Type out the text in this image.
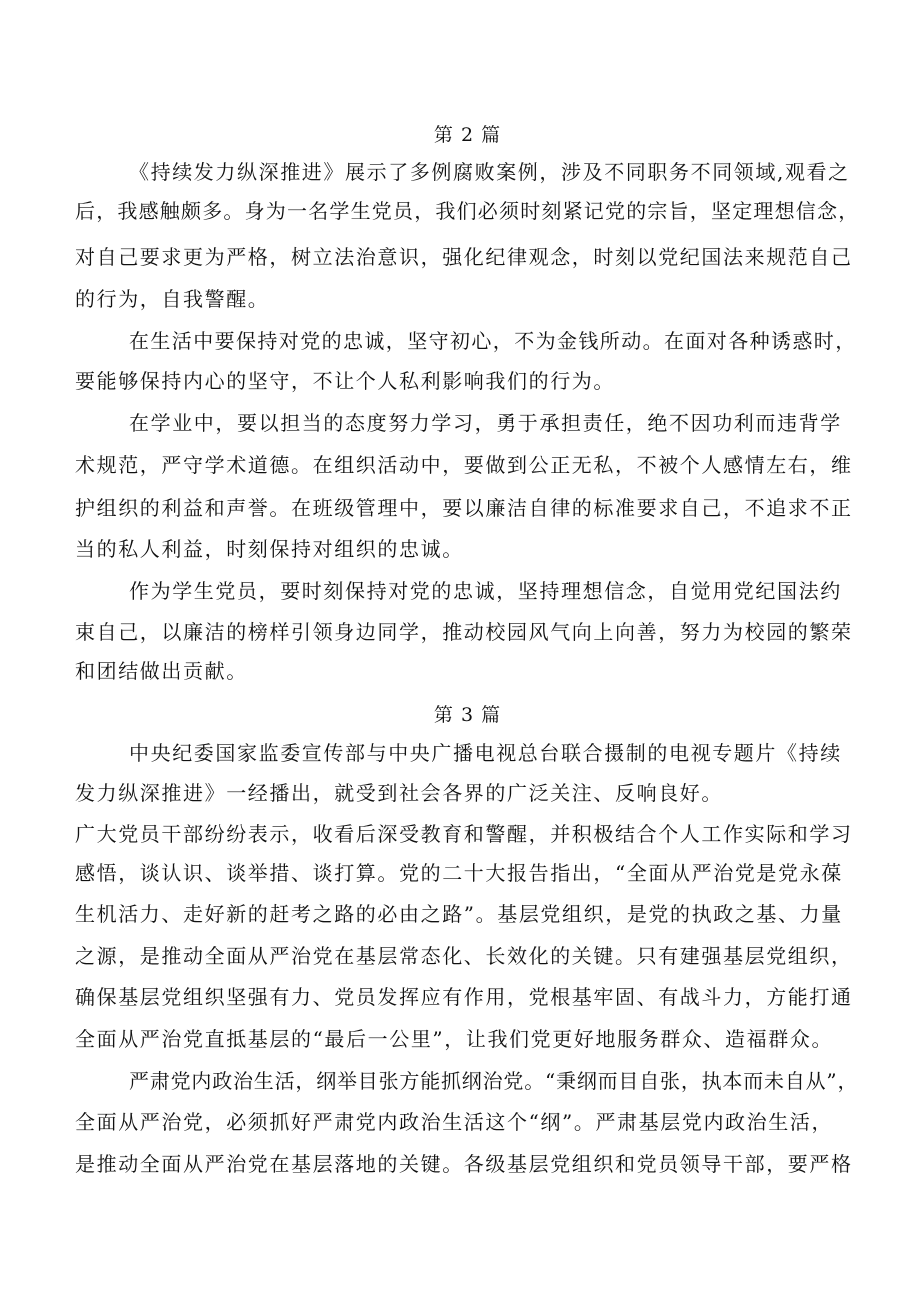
第 2 篇
《持续发力纵深推进》展示了多例腐败案例，涉及不同职务不同领域,观看之
后，我感触颇多。身为一名学生党员，我们必须时刻紧记党的宗旨，坚定理想信念，
对自己要求更为严格，树立法治意识，强化纪律观念，时刻以党纪国法来规范自己
的行为，自我警醒。
在生活中要保持对党的忠诚，坚守初心，不为金钱所动。在面对各种诱惑时，
要能够保持内心的坚守，不让个人私利影响我们的行为。
在学业中，要以担当的态度努力学习，勇于承担责任，绝不因功利而违背学
术规范，严守学术道德。在组织活动中，要做到公正无私，不被个人感情左右，维
护组织的利益和声誉。在班级管理中，要以廉洁自律的标准要求自己，不追求不正
当的私人利益，时刻保持对组织的忠诚。
作为学生党员，要时刻保持对党的忠诚，坚持理想信念，自觉用党纪国法约
束自己，以廉洁的榜样引领身边同学，推动校园风气向上向善，努力为校园的繁荣
和团结做出贡献。
第 3 篇
中央纪委国家监委宣传部与中央广播电视总台联合摄制的电视专题片《持续
发力纵深推进》一经播出，就受到社会各界的广泛关注、反响良好。
广大党员干部纷纷表示，收看后深受教育和警醒，并积极结合个人工作实际和学习
感悟，谈认识、谈举措、谈打算。党的二十大报告指出，“全面从严治党是党永葆
生机活力、走好新的赶考之路的必由之路”。基层党组织，是党的执政之基、力量
之源，是推动全面从严治党在基层常态化、长效化的关键。只有建强基层党组织，
确保基层党组织坚强有力、党员发挥应有作用，党根基牢固、有战斗力，方能打通
全面从严治党直抵基层的“最后一公里”，让我们党更好地服务群众、造福群众。
严肃党内政治生活，纲举目张方能抓纲治党。“秉纲而目自张，执本而未自从”，
全面从严治党，必须抓好严肃党内政治生活这个“纲”。严肃基层党内政治生活，
是推动全面从严治党在基层落地的关键。各级基层党组织和党员领导干部，要严格
